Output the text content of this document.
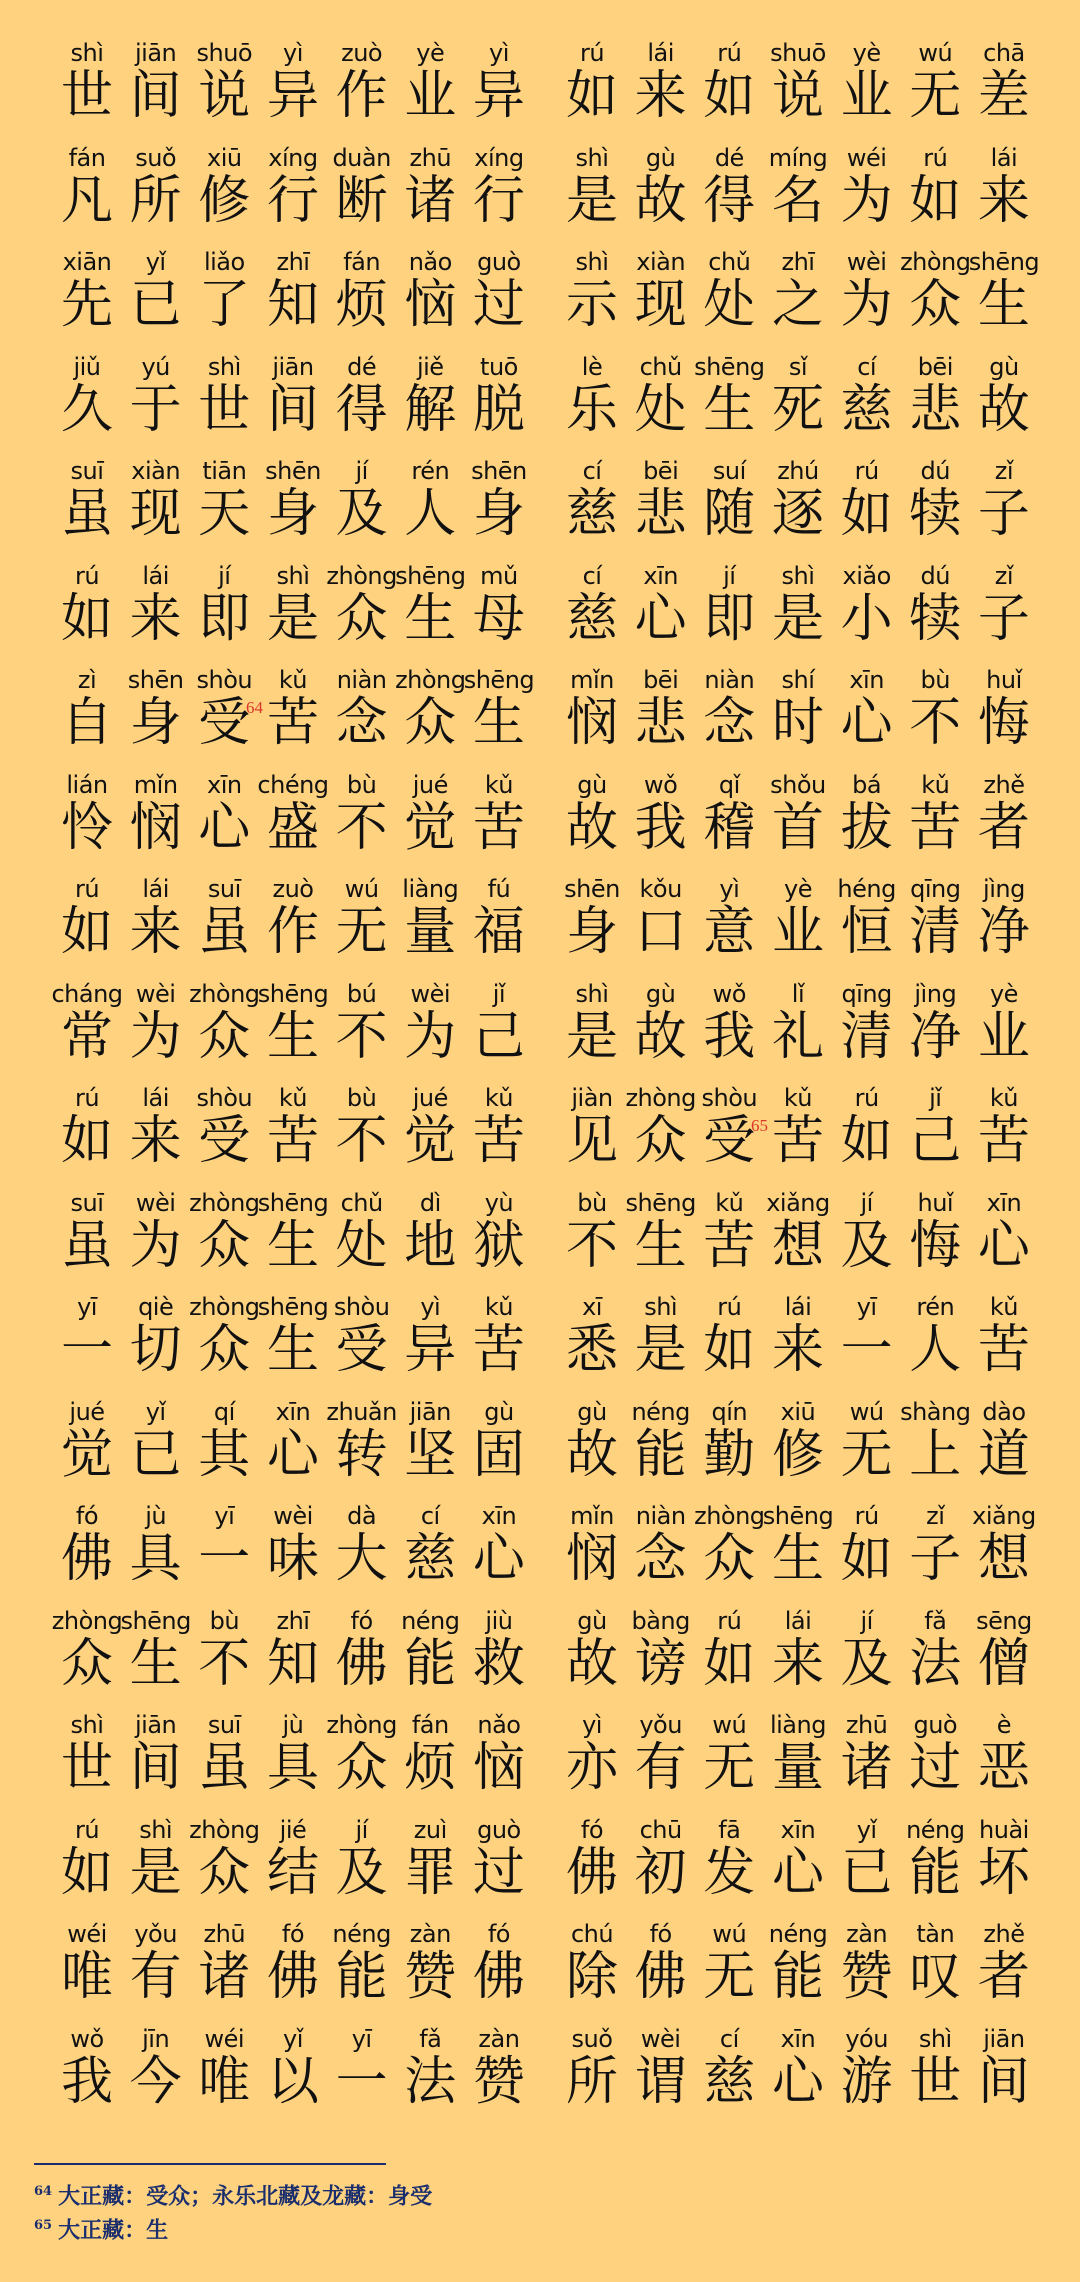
shì
世
jiān
间
shuō
说
yì
异
zuò
作
yè
业
yì
异
rú
如
lái
来
rú
如
shuō
说
yè
业
wú
无
chā
差
fán
凡
suǒ
所
xiū
修
xíng
行
duàn
断
zhū
诸
xíng
行
shì
是
gù
故
dé
得
míng
名
wéi
为
rú
如
lái
来
xiān
先
yǐ
已
liǎo
了
zhī
知
fán
烦
nǎo
恼
guò
过
shì
示
xiàn
现
chǔ
处
zhī
之
wèi
为
zhòng
众
shēng
生
jiǔ
久
yú
于
shì
世
jiān
间
dé
得
jiě
解
tuō
脱
lè
乐
chǔ
处
shēng
生
sǐ
死
cí
慈
bēi
悲
gù
故
suī
虽
xiàn
现
tiān
天
shēn
身
jí
及
rén
人
shēn
身
cí
慈
bēi
悲
suí
随
zhú
逐
rú
如
dú
犊
zǐ
子
rú
如
lái
来
jí
即
shì
是
zhòng
众
shēng
生
mǔ
母
cí
慈
xīn
心
jí
即
shì
是
xiǎo
小
dú
犊
zǐ
子
zì
自
shēn
身
shòu
受
kǔ
苦
64
niàn
念
zhòng
众
shēng
生
mǐn
悯
bēi
悲
niàn
念
shí
时
xīn
心
bù
不
huǐ
悔
lián
怜
mǐn
悯
xīn
心
chéng
盛
bù
不
jué
觉
kǔ
苦
gù
故
wǒ
我
qǐ
稽
shǒu
首
bá
拔
kǔ
苦
zhě
者
rú
如
lái
来
suī
虽
zuò
作
wú
无
liàng
量
fú
福
shēn
身
kǒu
口
yì
意
yè
业
héng
恒
qīng
清
jìng
净
cháng
常
wèi
为
zhòng
众
shēng
生
bú
不
wèi
为
jǐ
己
shì
是
gù
故
wǒ
我
lǐ
礼
qīng
清
jìng
净
yè
业
rú
如
lái
来
shòu
受
kǔ
苦
bù
不
jué
觉
kǔ
苦
jiàn
见
zhòng
众
shòu
受
kǔ
苦
65
rú
如
jǐ
己
kǔ
苦
suī
虽
wèi
为
zhòng
众
shēng
生
chǔ
处
dì
地
yù
狱
bù
不
shēng
生
kǔ
苦
xiǎng
想
jí
及
huǐ
悔
xīn
心
yī
一
qiè
切
zhòng
众
shēng
生
shòu
受
yì
异
kǔ
苦
xī
悉
shì
是
rú
如
lái
来
yī
一
rén
人
kǔ
苦
jué
觉
yǐ
已
qí
其
xīn
心
zhuǎn
转
jiān
坚
gù
固
gù
故
néng
能
qín
勤
xiū
修
wú
无
shàng
上
dào
道
fó
佛
jù
具
yī
一
wèi
味
dà
大
cí
慈
xīn
心
mǐn
悯
niàn
念
zhòng
众
shēng
生
rú
如
zǐ
子
xiǎng
想
zhòng
众
shēng
生
bù
不
zhī
知
fó
佛
néng
能
jiù
救
gù
故
bàng
谤
rú
如
lái
来
jí
及
fǎ
法
sēng
僧
shì
世
jiān
间
suī
虽
jù
具
zhòng
众
fán
烦
nǎo
恼
yì
亦
yǒu
有
wú
无
liàng
量
zhū
诸
guò
过
è
恶
rú
如
shì
是
zhòng
众
jié
结
jí
及
zuì
罪
guò
过
fó
佛
chū
初
fā
发
xīn
心
yǐ
已
néng
能
huài
坏
wéi
唯
yǒu
有
zhū
诸
fó
佛
néng
能
zàn
赞
fó
佛
chú
除
fó
佛
wú
无
néng
能
zàn
赞
tàn
叹
zhě
者
wǒ
我
jīn
今
wéi
唯
yǐ
以
yī
一
fǎ
法
zàn
赞
suǒ
所
wèi
谓
cí
慈
xīn
心
yóu
游
shì
世
jiān
间
$^{64}$ 大正藏：受众；永乐北藏及龙藏：身受
$^{65}$ 大正藏：生
